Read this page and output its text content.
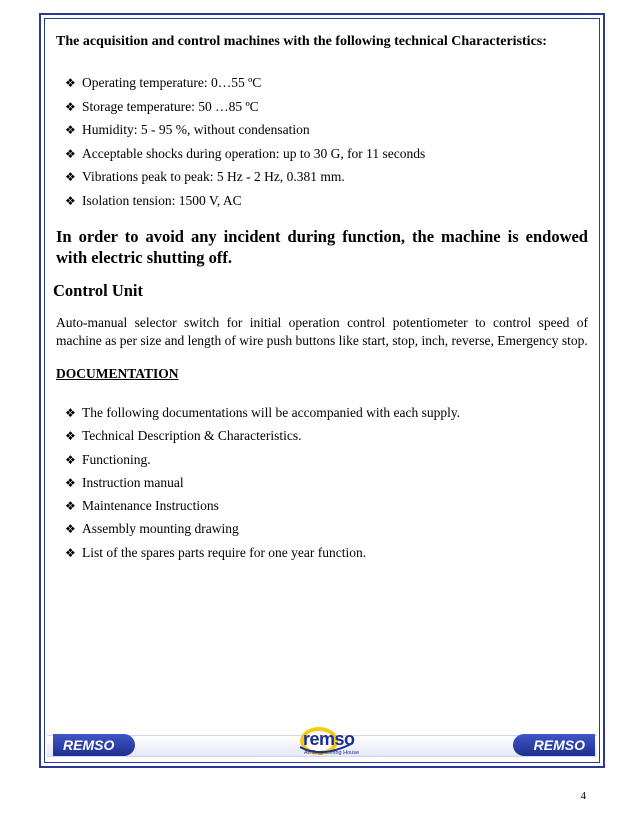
The acquisition and control machines with the following technical Characteristics:

❖ Operating temperature: 0…55 ºC
❖ Storage temperature: 50 …85 ºC
❖ Humidity: 5 - 95 %, without condensation
❖ Acceptable shocks during operation: up to 30 G, for 11 seconds
❖ Vibrations peak to peak: 5 Hz - 2 Hz, 0.381 mm.
❖ Isolation tension: 1500 V, AC

In order to avoid any incident during function, the machine is endowed with electric shutting off.

Control Unit

Auto-manual selector switch for initial operation control potentiometer to control speed of machine as per size and length of wire push buttons like start, stop, inch, reverse, Emergency stop.

DOCUMENTATION

❖ The following documentations will be accompanied with each supply.
❖ Technical Description & Characteristics.
❖ Functioning.
❖ Instruction manual
❖ Maintenance Instructions
❖ Assembly mounting drawing
❖ List of the spares parts require for one year function.
REMSO	remso
An Engineering House	REMSO
4
